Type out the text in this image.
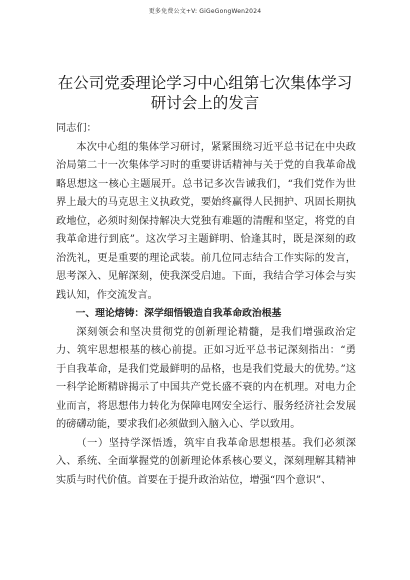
更多免费公文+V: GiGeGongWen2024
在公司党委理论学习中心组第七次集体学习研讨会上的发言

同志们：

本次中心组的集体学习研讨，紧紧围绕习近平总书记在中央政治局第二十一次集体学习时的重要讲话精神与关于党的自我革命战略思想这一核心主题展开。总书记多次告诫我们，“我们党作为世界上最大的马克思主义执政党，要始终赢得人民拥护、巩固长期执政地位，必须时刻保持解决大党独有难题的清醒和坚定，将党的自我革命进行到底”。这次学习主题鲜明、恰逢其时，既是深刻的政治洗礼，更是重要的理论武装。前几位同志结合工作实际的发言，思考深入、见解深刻，使我深受启迪。下面，我结合学习体会与实践认知，作交流发言。

一、理论熔铸：深学细悟锻造自我革命政治根基

深刻领会和坚决贯彻党的创新理论精髓，是我们增强政治定力、筑牢思想根基的核心前提。正如习近平总书记深刻指出：“勇于自我革命，是我们党最鲜明的品格，也是我们党最大的优势。”这一科学论断精辟揭示了中国共产党长盛不衰的内在机理。对电力企业而言，将思想伟力转化为保障电网安全运行、服务经济社会发展的磅礴动能，要求我们必须做到入脑入心、学以致用。

（一）坚持学深悟透，筑牢自我革命思想根基。我们必须深入、系统、全面掌握党的创新理论体系核心要义，深刻理解其精神实质与时代价值。首要在于提升政治站位，增强“四个意识”、
